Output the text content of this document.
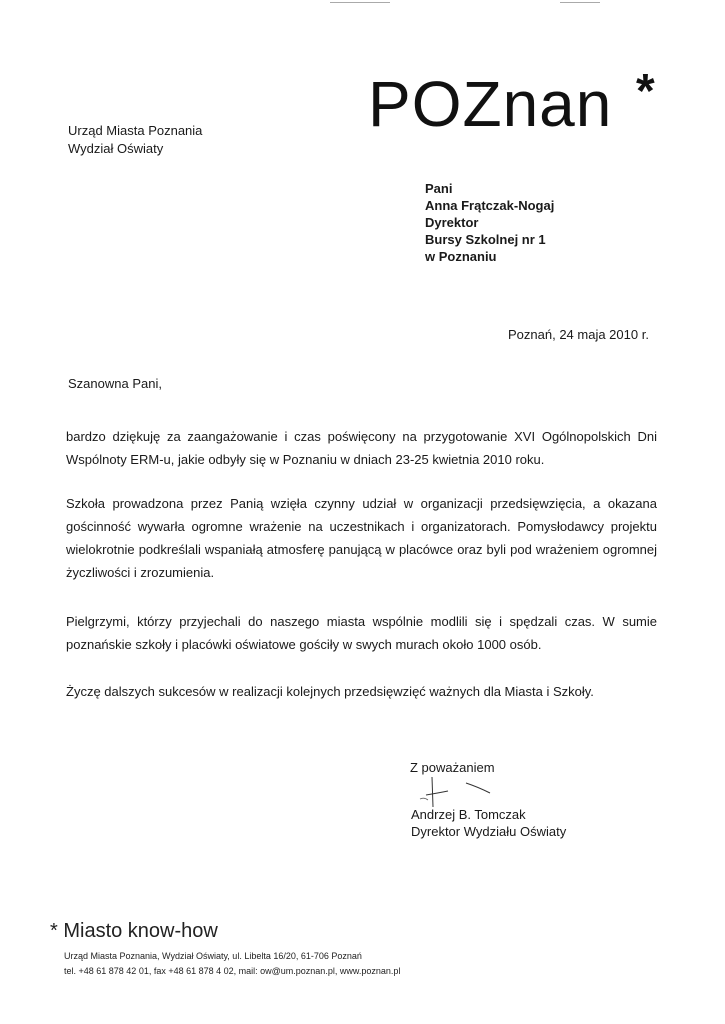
Urząd Miasta Poznania
Wydział Oświaty
POZnan *
Pani
Anna Frątczak-Nogaj
Dyrektor
Bursy Szkolnej nr 1
w Poznaniu
Poznań, 24 maja 2010 r.
Szanowna Pani,
bardzo dziękuję za zaangażowanie i czas poświęcony na przygotowanie XVI Ogólnopolskich Dni Wspólnoty ERM-u, jakie odbyły się w Poznaniu w dniach 23-25 kwietnia 2010 roku.
Szkoła prowadzona przez Panią wzięła czynny udział w organizacji przedsięwzięcia, a okazana gościnność wywarła ogromne wrażenie na uczestnikach i organizatorach. Pomysłodawcy projektu wielokrotnie podkreślali wspaniałą atmosferę panującą w placówce oraz byli pod wrażeniem ogromnej życzliwości i zrozumienia.
Pielgrzymi, którzy przyjechali do naszego miasta wspólnie modlili się i spędzali czas. W sumie poznańskie szkoły i placówki oświatowe gościły w swych murach około 1000 osób.
Życzę dalszych sukcesów w realizacji kolejnych przedsięwzięć ważnych dla Miasta i Szkoły.
Z poważaniem
Andrzej B. Tomczak
Dyrektor Wydziału Oświaty
* Miasto know-how
Urząd Miasta Poznania, Wydział Oświaty, ul. Libelta 16/20, 61-706 Poznań
tel. +48 61 878 42 01, fax +48 61 878 4 02, mail: ow@um.poznan.pl, www.poznan.pl
